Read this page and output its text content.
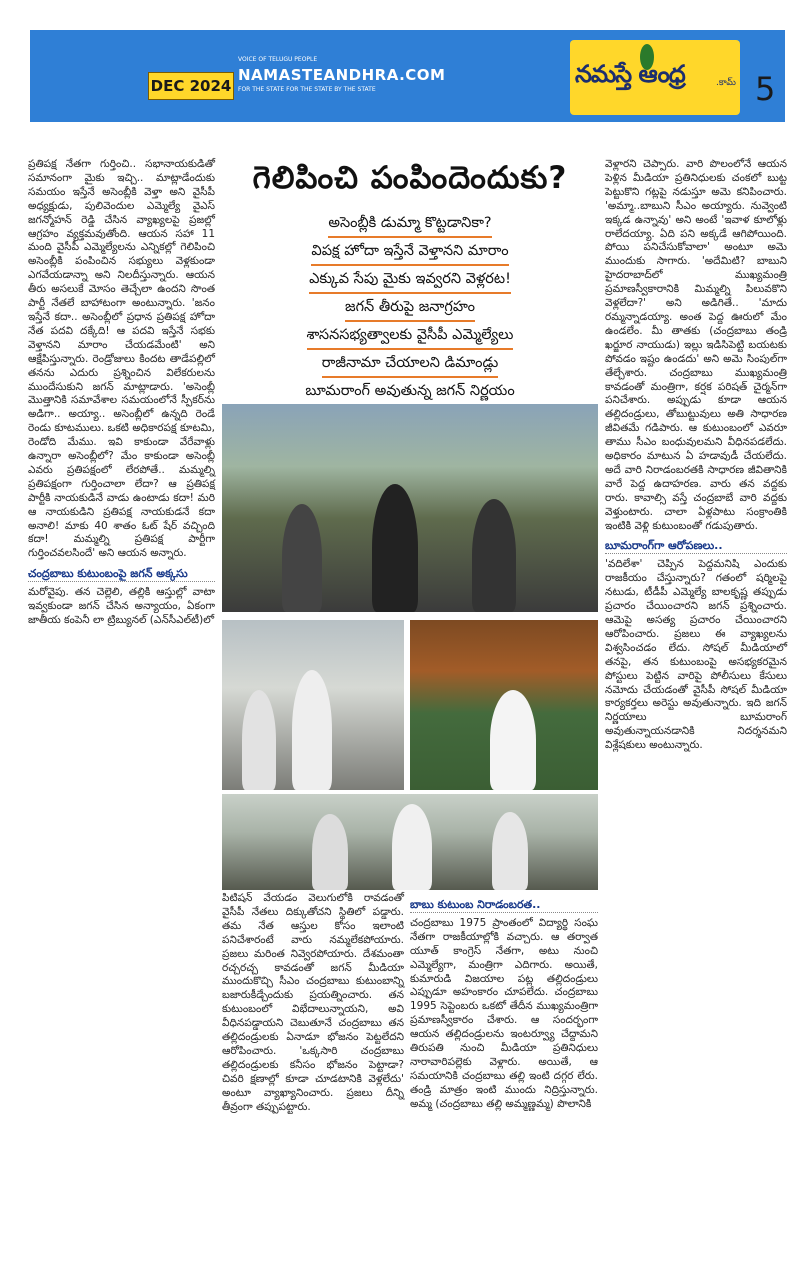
DEC 2024
VOICE OF TELUGU PEOPLE
NAMASTEANDHRA.COM
FOR THE STATE FOR THE STATE BY THE STATE
నమస్తే ఆంధ్ర	.కామ్ 5
గెలిపించి పంపిందెందుకు?
అసెంబ్లీకి డుమ్మా కొట్టడానికా?
విపక్ష హోదా ఇస్తేనే వెళ్తానని మారాం
ఎక్కువ సేపు మైకు ఇవ్వరని వెళ్లరట!
జగన్ తీరుపై జనాగ్రహం
శాసనసభ్యత్వాలకు వైసీపీ ఎమ్మెల్యేలు
రాజీనామా చేయాలని డిమాండ్లు
బూమరాంగ్ అవుతున్న జగన్ నిర్ణయం

ప్రతిపక్ష నేతగా గుర్తించి.. సభానాయకుడితో సమానంగా మైకు ఇచ్చి.. మాట్లాడేందుకు సమయం ఇస్తేనే అసెంబ్లీకి వెళ్తా అని వైసీపీ అధ్యక్షుడు, పులివెందుల ఎమ్మెల్యే వైఎస్ జగన్మోహన్ రెడ్డి చేసిన వ్యాఖ్యలపై ప్రజల్లో ఆగ్రహం వ్యక్తమవుతోంది. ఆయన సహా 11 మంది వైసీపీ ఎమ్మెల్యేలను ఎన్నికల్లో గెలిపించి అసెంబ్లీకి పంపించిన సభ్యులు వెళ్లకుండా ఎగవేయడాన్నా అని నిలదీస్తున్నారు. ఆయన తీరు అసలుకే మోసం తెచ్చేలా ఉందని సొంత పార్టీ నేతలే బాహాటంగా అంటున్నారు. 'జనం ఇస్తేనే కదా.. అసెంబ్లీలో ప్రధాన ప్రతిపక్ష హోదా నేత పదవి దక్కేది! ఆ పదవి ఇస్తేనే సభకు వెళ్తానని మారాం చేయడమేంటి' అని ఆక్షేపిస్తున్నారు. రెండ్రోజులు కిందట తాడేపల్లిలో తనను ఎదురు ప్రశ్నించిన విలేకరులను ముందేసుకుని జగన్ మాట్లాడారు. 'అసెంబ్లీ మొత్తానికి సమావేశాల సమయంలోనే స్పీకర్‌ను అడిగా.. అయ్యా.. అసెంబ్లీలో ఉన్నది రెండే రెండు కూటములు. ఒకటి అధికారపక్ష కూటమి, రెండోది మేము. ఇవి కాకుండా వేరేవాళ్లు ఉన్నారా అసెంబ్లీలో? మేం కాకుండా అసెంబ్లీ ఎవరు ప్రతిపక్షంలో లేరపోతే.. మమ్మల్ని ప్రతిపక్షంగా గుర్తించాలా లేదా? ఆ ప్రతిపక్ష పార్టీకి నాయకుడినే వాడు ఉంటాడు కదా! మరి ఆ నాయకుడిని ప్రతిపక్ష నాయకుడనే కదా అనాలి! మాకు 40 శాతం ఓట్ షేర్ వచ్చింది కదా! మమ్మల్ని ప్రతిపక్ష పార్టీగా గుర్తించవలసిందే' అని ఆయన అన్నారు.

చంద్రబాబు కుటుంబంపై జగన్ అక్కసు

మరోవైపు. తన చెల్లెలి, తల్లికి ఆస్తుల్లో వాటా ఇవ్వకుండా జగన్ చేసిన అన్యాయం, ఏకంగా జాతీయ కంపెనీ లా ట్రిబ్యునల్ (ఎన్‌సీఎల్‌టీ)లో

పిటిషన్ వేయడం వెలుగులోకి రావడంతో వైసీపీ నేతలు దిక్కుతోచని స్థితిలో పడ్డారు. తమ నేత ఆస్తుల కోసం ఇలాంటి పనిచేశారంటే వారు నమ్మలేకపోయారు. ప్రజలు మరింత నివ్వెరపోయారు. దేశమంతా రచ్చరచ్చ కావడంతో జగన్ మీడియా ముందుకొచ్చి సీఎం చంద్రబాబు కుటుంబాన్ని బజారుకీడ్చేందుకు ప్రయత్నించారు. తన కుటుంబంలో విభేదాలున్నాయని, అవి వీధినపడ్డాయని చెబుతూనే చంద్రబాబు తన తల్లిదండ్రులకు ఏనాడూ భోజనం పెట్టలేదని ఆరోపించారు. 'ఒక్కసారి చంద్రబాబు తల్లిదండ్రులకు కనీసం భోజనం పెట్టాడా? చివరి క్షణాల్లో కూడా చూడటానికి వెళ్లలేదు' అంటూ వ్యాఖ్యానించారు. ప్రజలు దీన్ని తీవ్రంగా తప్పుపట్టారు.

బాబు కుటుంబ నిరాడంబరత..

చంద్రబాబు 1975 ప్రాంతంలో విద్యార్థి సంఘ నేతగా రాజకీయాల్లోకి వచ్చారు. ఆ తర్వాత యూత్ కాంగ్రెస్ నేతగా, అటు నుంచి ఎమ్మెల్యేగా, మంత్రిగా ఎదిగారు. అయితే, కుమారుడి విజయాల పట్ల తల్లిదండ్రులు ఎప్పుడూ అహంకారం చూపలేదు. చంద్రబాబు 1995 సెప్టెంబరు ఒకటో తేదీన ముఖ్యమంత్రిగా ప్రమాణస్వీకారం చేశారు. ఆ సందర్భంగా ఆయన తల్లిదండ్రులను ఇంటర్వ్యూ చేద్దామని తిరుపతి నుంచి మీడియా ప్రతినిధులు నారావారిపల్లెకు వెళ్లారు. అయితే, ఆ సమయానికి చంద్రబాబు తల్లి ఇంటి దగ్గర లేరు. తండ్రి మాత్రం ఇంటి ముందు నిద్రిస్తున్నారు. అమ్మ (చంద్రబాబు తల్లి అమ్మణ్ణమ్మ) పొలానికి

వెళ్లారని చెప్పారు. వారి పొలంలోనే ఆయన పెళ్లిన మీడియా ప్రతినిధులకు చంకలో బుట్ట పెట్టుకొని గట్లపై నడుస్తూ అమె కనిపించారు. 'అమ్మా..బాబుని సీఎం అయ్యారు. నువ్వెంటి ఇక్కడ ఉన్నావు' అని అంటే 'ఇవాళ కూలోళ్లు రాలేదయ్యా. ఏది పని అక్కడే ఆగిపోయింది. పోయి పనిచేసుకోవాలా' అంటూ అమె ముందుకు సాగారు. 'అదేమిటి? బాబుని హైదరాబాద్‌లో ముఖ్యమంత్రి ప్రమాణస్వీకారానికి మిమ్మల్ని పిలువకొని వెళ్లలేదా?' అని అడిగితే.. 'మాదు రమ్మన్నాడయ్యా. అంత పెద్ద ఊరులో మేం ఉండలేం. మీ తాతకు (చంద్రబాబు తండ్రి ఖర్జూర నాయుడు) ఇల్లు ఇడిసిపెట్టి బయటకు పోవడం ఇష్టం ఉండదు' అని అమె సింపుల్‌గా తేల్చేశారు. చంద్రబాబు ముఖ్యమంత్రి కావడంతో మంత్రిగా, కర్షక పరిషత్ చైర్మన్‌గా పనిచేశారు. అప్పుడు కూడా ఆయన తల్లిదండ్రులు, తోబుట్టువులు అతి సాధారణ జీవితమే గడిపారు. ఆ కుటుంబంలో ఎవరూ తాము సీఎం బంధువులమని వీధినపడలేదు. అధికారం మాటున ఏ హడావుడీ చేయలేదు. అదే వారి నిరాడంబరతకి సాధారణ జీవితానికి వారే పెద్ద ఉదాహరణ. వారు తన వద్దకు రారు. కావాల్సి వస్తే చంద్రబాబే వారి వద్దకు వెళ్తుంటారు. చాలా ఏళ్లపాటు సంక్రాంతికి ఇంటికి వెళ్లి కుటుంబంతో గడుపుతారు.

బూమరాంగ్‌గా ఆరోపణలు..

'వదిలేశా' చెప్పిన పెద్దమనిషి ఎందుకు రాజకీయం చేస్తున్నారు? గతంలో షర్మిలపై నటుడు, టీడీపీ ఎమ్మెల్యే బాలకృష్ణ తప్పుడు ప్రచారం చేయించారని జగన్ ప్రశ్నించారు. ఆమెపై అసత్య ప్రచారం చేయించారని ఆరోపించారు. ప్రజలు ఈ వ్యాఖ్యలను విశ్వసించడం లేదు. సోషల్ మీడియాలో తనపై, తన కుటుంబంపై అసభ్యకరమైన పోస్టులు పెట్టిన వారిపై పోలీసులు కేసులు నమోదు చేయడంతో వైసీపీ సోషల్ మీడియా కార్యకర్తలు అరెస్టు అవుతున్నారు. ఇది జగన్ నిర్ణయాలు బూమరాంగ్ అవుతున్నాయనడానికి నిదర్శనమని విశ్లేషకులు అంటున్నారు.
